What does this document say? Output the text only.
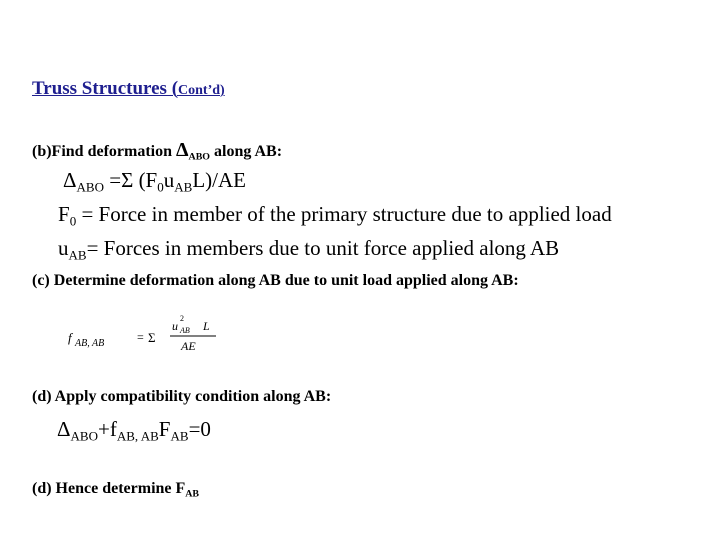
Truss Structures (Cont’d)
(b)Find deformation $\Delta_{ABO}$ along AB:
$\Delta_{ABO} =\Sigma$ $(F_0u_{AB}L)/AE$
$F_0$ = Force in member of the primary structure due to applied load
$u_{AB}=$ Forces in members due to unit force applied along AB
(c) Determine deformation along AB due to unit load applied along AB:
f AB, AB	= Σ
u
2
AB L
AE
(d) Apply compatibility condition along AB:
$\Delta_{ABO}+f_{AB, AB}F_{AB}=0$
(d) Hence determine $F_{AB}$
